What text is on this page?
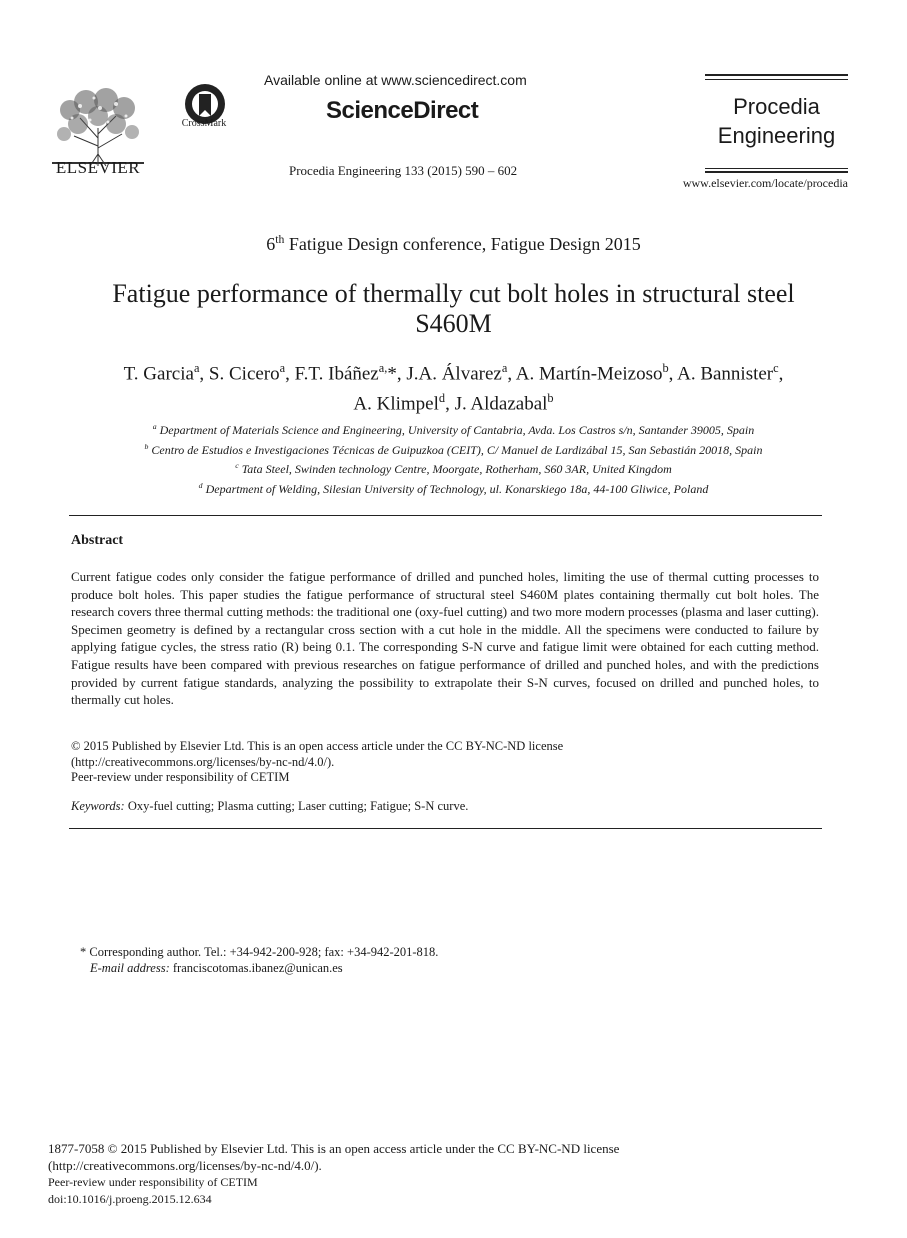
ELSEVIER
CrossMark
Available online at www.sciencedirect.com
ScienceDirect
Procedia Engineering 133 (2015) 590 – 602
Procedia
Engineering
www.elsevier.com/locate/procedia
6th Fatigue Design conference, Fatigue Design 2015
Fatigue performance of thermally cut bolt holes in structural steel
S460M
T. Garcia$^a$, S. Cicero$^a$, F.T. Ibáñez$^{a,}$*, J.A. Álvarez$^a$, A. Martín-Meizoso$^b$, A. Bannister$^c$,
A. Klimpel$^d$, J. Aldazabal$^b$
$^a$ Department of Materials Science and Engineering, University of Cantabria, Avda. Los Castros s/n, Santander 39005, Spain
$^b$ Centro de Estudios e Investigaciones Técnicas de Guipuzkoa (CEIT), C/ Manuel de Lardizábal 15, San Sebastián 20018, Spain
$^c$ Tata Steel, Swinden technology Centre, Moorgate, Rotherham, S60 3AR, United Kingdom
$^d$ Department of Welding, Silesian University of Technology, ul. Konarskiego 18a, 44-100 Gliwice, Poland
Abstract
Current fatigue codes only consider the fatigue performance of drilled and punched holes, limiting the use of thermal cutting processes to produce bolt holes. This paper studies the fatigue performance of structural steel S460M plates containing thermally cut bolt holes. The research covers three thermal cutting methods: the traditional one (oxy-fuel cutting) and two more modern processes (plasma and laser cutting). Specimen geometry is defined by a rectangular cross section with a cut hole in the middle. All the specimens were conducted to failure by applying fatigue cycles, the stress ratio (R) being 0.1. The corresponding S-N curve and fatigue limit were obtained for each cutting method. Fatigue results have been compared with previous researches on fatigue performance of drilled and punched holes, and with the predictions provided by current fatigue standards, analyzing the possibility to extrapolate their S-N curves, focused on drilled and punched holes, to thermally cut holes.
© 2015 Published by Elsevier Ltd. This is an open access article under the CC BY-NC-ND license
(http://creativecommons.org/licenses/by-nc-nd/4.0/).
Peer-review under responsibility of CETIM
Keywords: Oxy-fuel cutting; Plasma cutting; Laser cutting; Fatigue; S-N curve.
* Corresponding author. Tel.: +34-942-200-928; fax: +34-942-201-818.
E-mail address: franciscotomas.ibanez@unican.es
1877-7058 © 2015 Published by Elsevier Ltd. This is an open access article under the CC BY-NC-ND license
(http://creativecommons.org/licenses/by-nc-nd/4.0/).
Peer-review under responsibility of CETIM
doi:10.1016/j.proeng.2015.12.634
